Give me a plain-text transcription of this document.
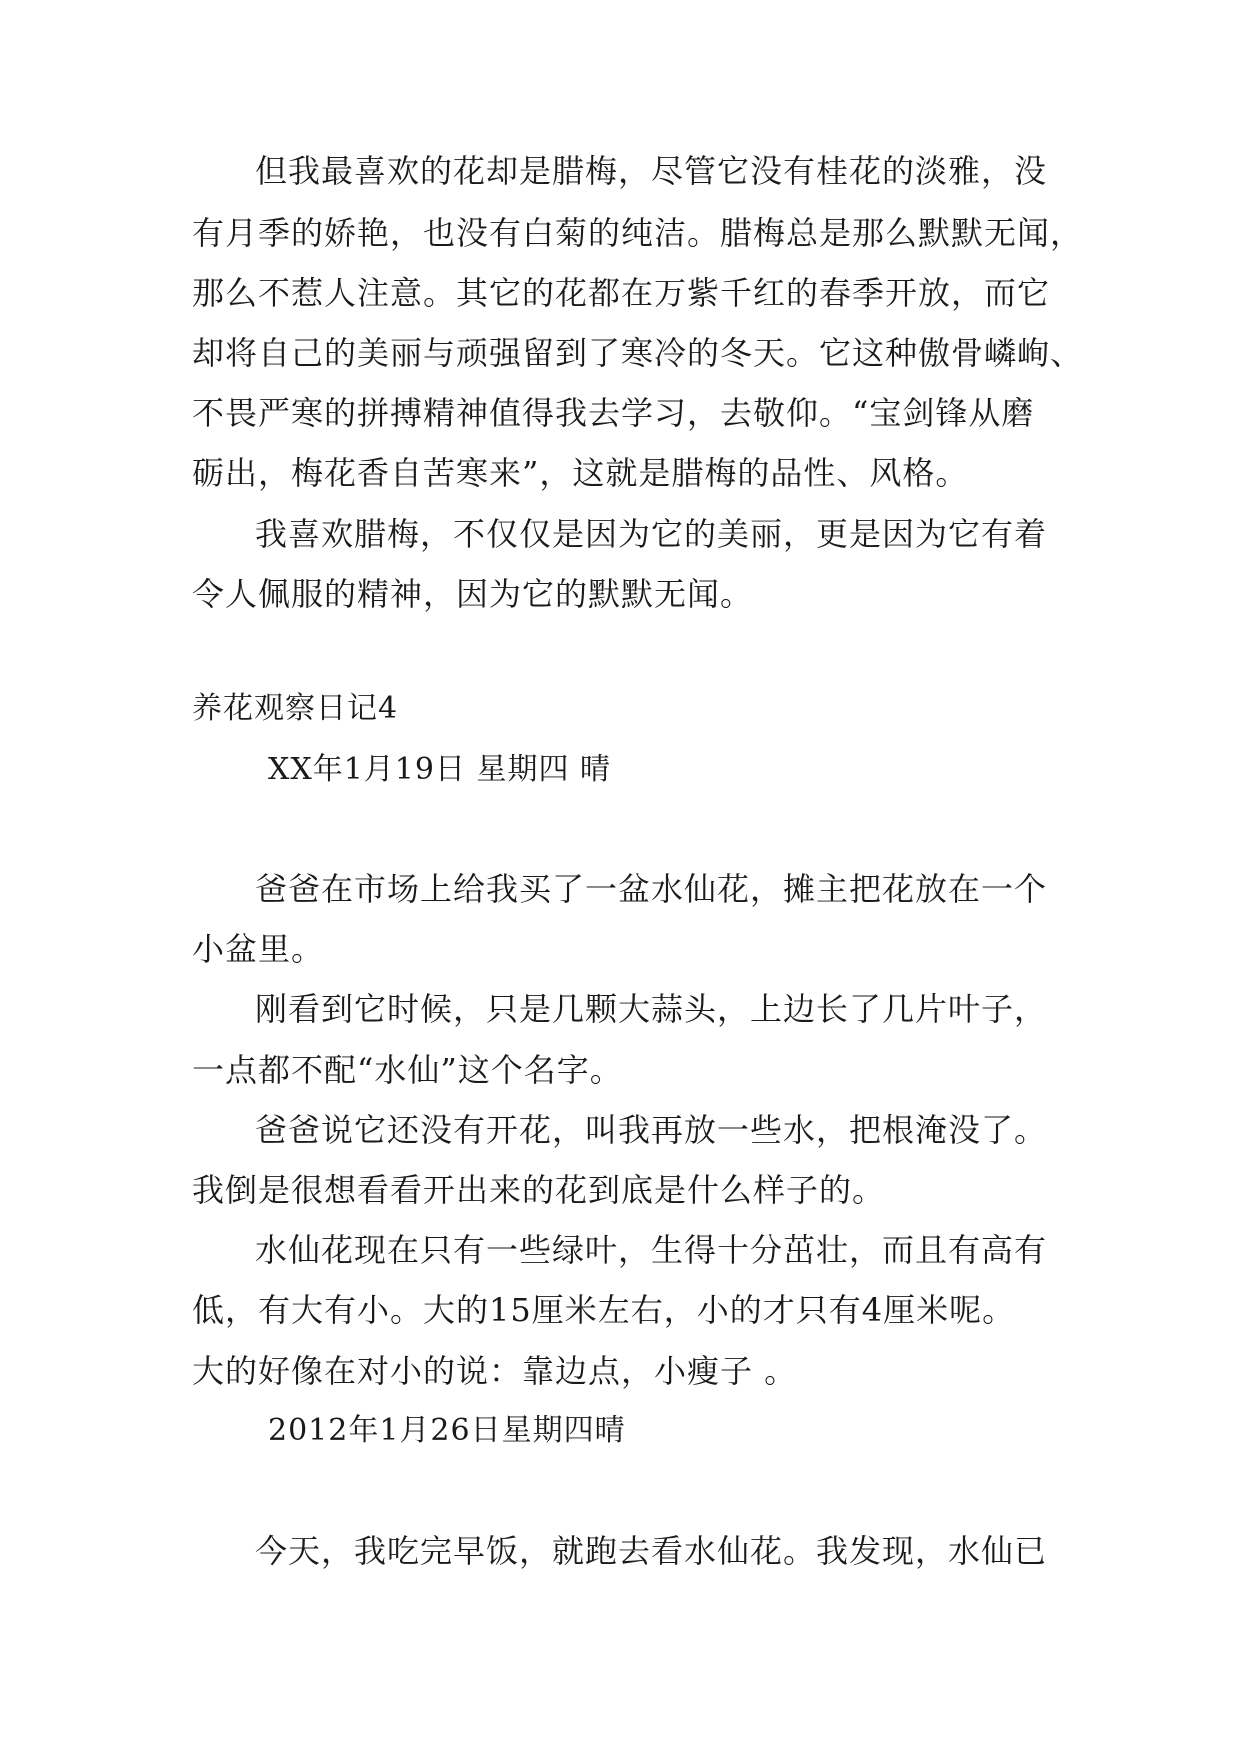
但我最喜欢的花却是腊梅，尽管它没有桂花的淡雅，没
有月季的娇艳，也没有白菊的纯洁。腊梅总是那么默默无闻，
那么不惹人注意。其它的花都在万紫千红的春季开放，而它
却将自己的美丽与顽强留到了寒冷的冬天。它这种傲骨嶙峋、
不畏严寒的拼搏精神值得我去学习，去敬仰。“宝剑锋从磨
砺出，梅花香自苦寒来”，这就是腊梅的品性、风格。
我喜欢腊梅，不仅仅是因为它的美丽，更是因为它有着
令人佩服的精神，因为它的默默无闻。
养花观察日记4
XX年1月19日 星期四 晴
爸爸在市场上给我买了一盆水仙花，摊主把花放在一个
小盆里。
刚看到它时候，只是几颗大蒜头，上边长了几片叶子，
一点都不配“水仙”这个名字。
爸爸说它还没有开花，叫我再放一些水，把根淹没了。
我倒是很想看看开出来的花到底是什么样子的。
水仙花现在只有一些绿叶，生得十分茁壮，而且有高有
低，有大有小。大的15厘米左右，小的才只有4厘米呢。
大的好像在对小的说：靠边点，小瘦子 。
2012年1月26日星期四晴
今天，我吃完早饭，就跑去看水仙花。我发现，水仙已
